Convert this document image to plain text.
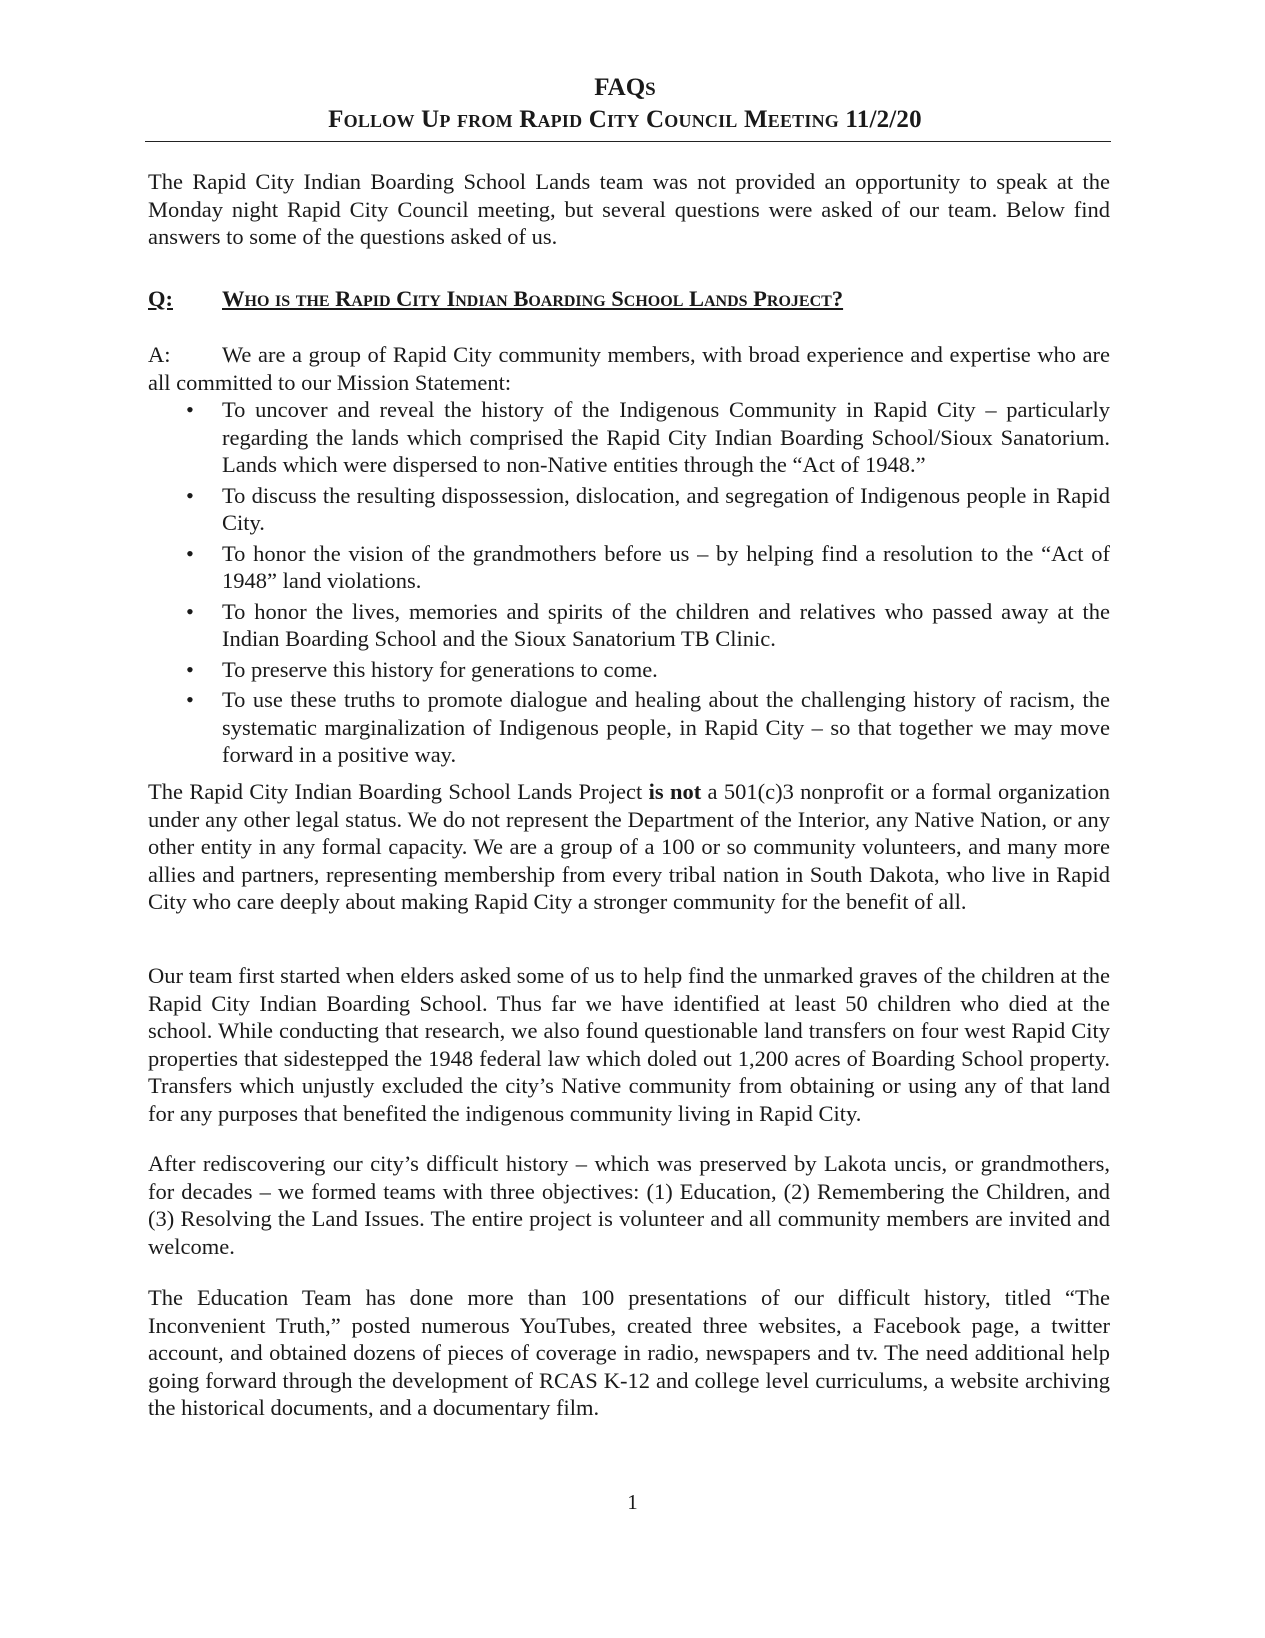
FAQS
Follow Up from Rapid City Council Meeting 11/2/20

The Rapid City Indian Boarding School Lands team was not provided an opportunity to speak at the Monday night Rapid City Council meeting, but several questions were asked of our team. Below find answers to some of the questions asked of us.

Q: Who is the Rapid City Indian Boarding School Lands Project?

A: We are a group of Rapid City community members, with broad experience and expertise who are all committed to our Mission Statement:

• To uncover and reveal the history of the Indigenous Community in Rapid City – particularly regarding the lands which comprised the Rapid City Indian Boarding School/Sioux Sanatorium. Lands which were dispersed to non-Native entities through the “Act of 1948.”
• To discuss the resulting dispossession, dislocation, and segregation of Indigenous people in Rapid City.
• To honor the vision of the grandmothers before us – by helping find a resolution to the “Act of 1948” land violations.
• To honor the lives, memories and spirits of the children and relatives who passed away at the Indian Boarding School and the Sioux Sanatorium TB Clinic.
• To preserve this history for generations to come.
• To use these truths to promote dialogue and healing about the challenging history of racism, the systematic marginalization of Indigenous people, in Rapid City – so that together we may move forward in a positive way.

The Rapid City Indian Boarding School Lands Project is not a 501(c)3 nonprofit or a formal organization under any other legal status. We do not represent the Department of the Interior, any Native Nation, or any other entity in any formal capacity. We are a group of a 100 or so community volunteers, and many more allies and partners, representing membership from every tribal nation in South Dakota, who live in Rapid City who care deeply about making Rapid City a stronger community for the benefit of all.

Our team first started when elders asked some of us to help find the unmarked graves of the children at the Rapid City Indian Boarding School. Thus far we have identified at least 50 children who died at the school. While conducting that research, we also found questionable land transfers on four west Rapid City properties that sidestepped the 1948 federal law which doled out 1,200 acres of Boarding School property. Transfers which unjustly excluded the city’s Native community from obtaining or using any of that land for any purposes that benefited the indigenous community living in Rapid City.

After rediscovering our city’s difficult history – which was preserved by Lakota uncis, or grandmothers, for decades – we formed teams with three objectives: (1) Education, (2) Remembering the Children, and (3) Resolving the Land Issues. The entire project is volunteer and all community members are invited and welcome.

The Education Team has done more than 100 presentations of our difficult history, titled “The Inconvenient Truth,” posted numerous YouTubes, created three websites, a Facebook page, a twitter account, and obtained dozens of pieces of coverage in radio, newspapers and tv. The need additional help going forward through the development of RCAS K-12 and college level curriculums, a website archiving the historical documents, and a documentary film.

1
